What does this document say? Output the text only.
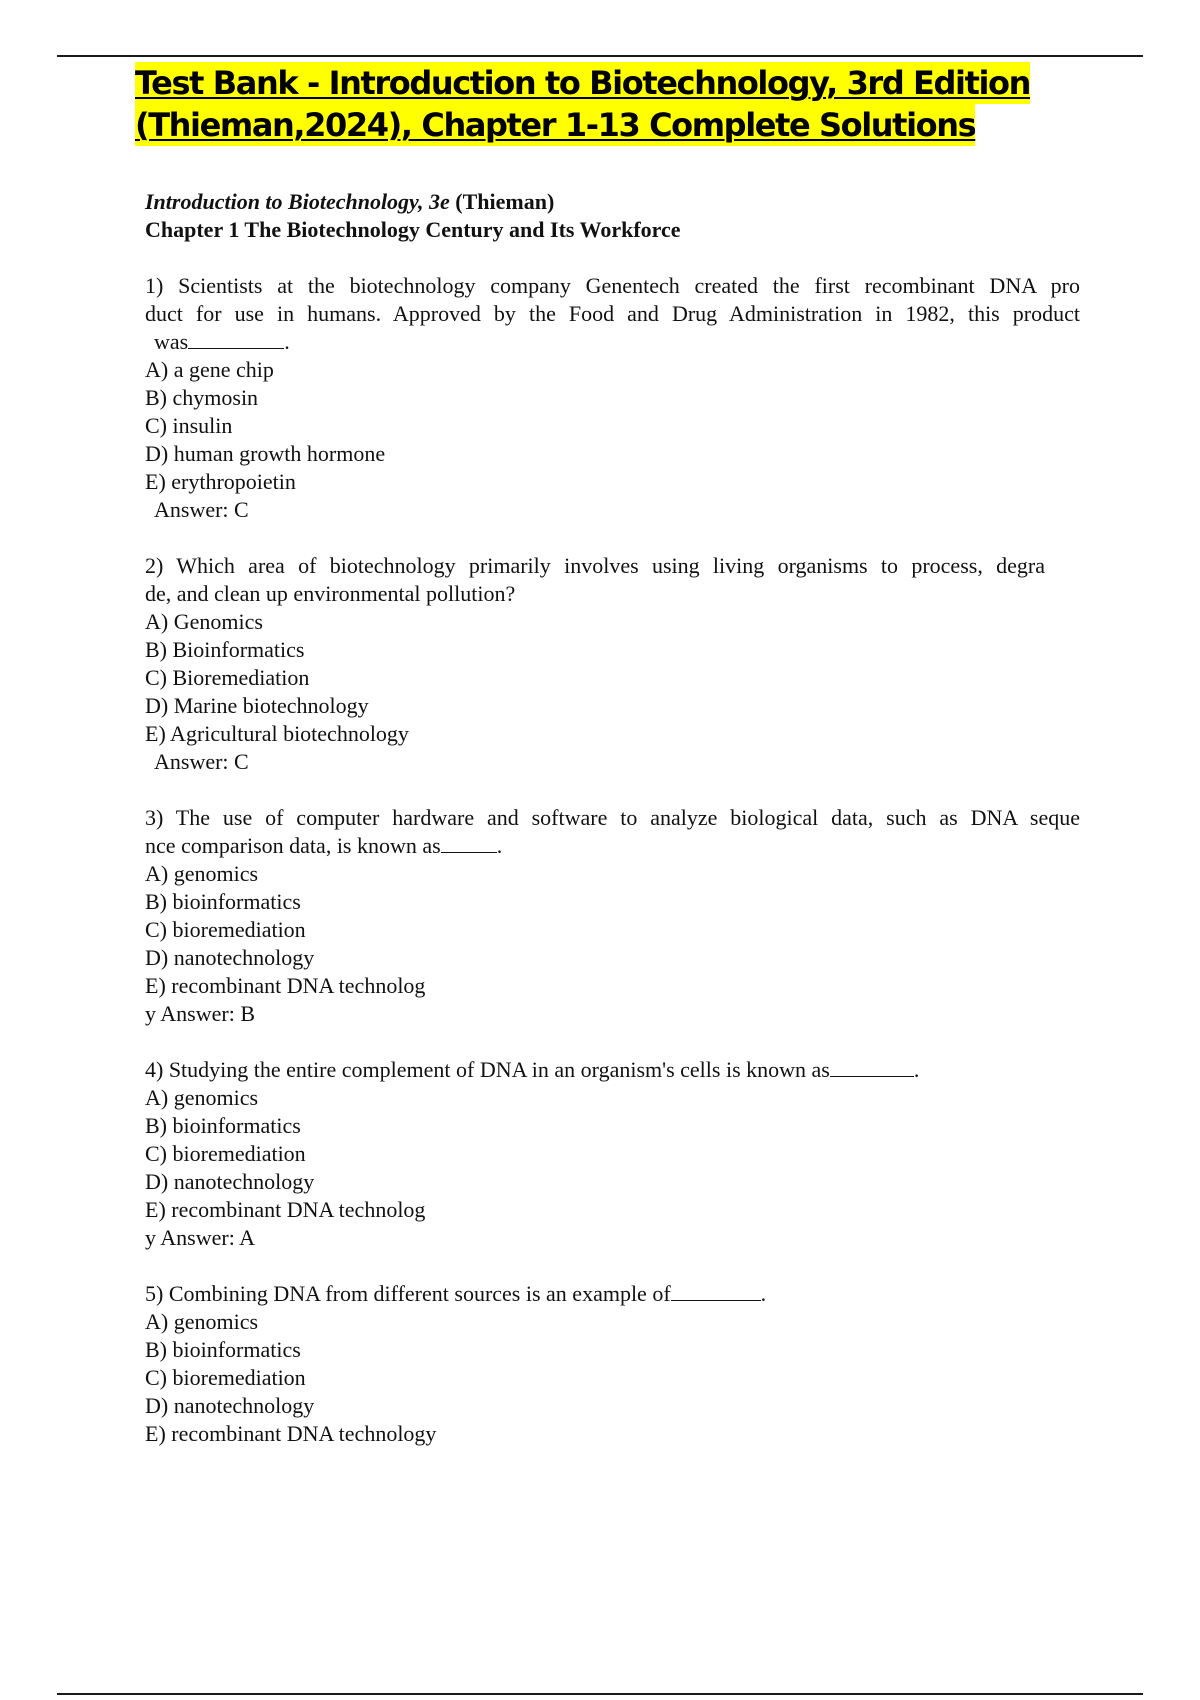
Test Bank - Introduction to Biotechnology, 3rd Edition
(Thieman,2024), Chapter 1-13 Complete Solutions
Introduction to Biotechnology, 3e (Thieman)
Chapter 1 The Biotechnology Century and Its Workforce
1) Scientists at the biotechnology company Genentech created the first recombinant DNA pro
duct for use in humans. Approved by the Food and Drug Administration in 1982, this product
was	.
A) a gene chip
B) chymosin
C) insulin
D) human growth hormone
E) erythropoietin
Answer: C
2) Which area of biotechnology primarily involves using living organisms to process, degra
de, and clean up environmental pollution?
A) Genomics
B) Bioinformatics
C) Bioremediation
D) Marine biotechnology
E) Agricultural biotechnology
Answer: C
3) The use of computer hardware and software to analyze biological data, such as DNA seque
nce comparison data, is known as	.
A) genomics
B) bioinformatics
C) bioremediation
D) nanotechnology
E) recombinant DNA technolog
y Answer: B
4) Studying the entire complement of DNA in an organism's cells is known as	.
A) genomics
B) bioinformatics
C) bioremediation
D) nanotechnology
E) recombinant DNA technolog
y Answer: A
5) Combining DNA from different sources is an example of	.
A) genomics
B) bioinformatics
C) bioremediation
D) nanotechnology
E) recombinant DNA technology
